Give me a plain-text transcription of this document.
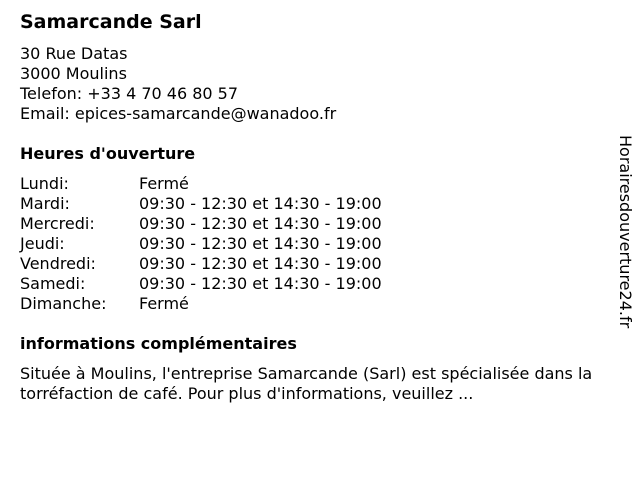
Samarcande Sarl
30 Rue Datas
3000 Moulins
Telefon: +33 4 70 46 80 57
Email: epices-samarcande@wanadoo.fr
Heures d'ouverture
Lundi:	Fermé
Mardi:	09:30 - 12:30 et 14:30 - 19:00
Mercredi:	09:30 - 12:30 et 14:30 - 19:00
Jeudi:	09:30 - 12:30 et 14:30 - 19:00
Vendredi:	09:30 - 12:30 et 14:30 - 19:00
Samedi:	09:30 - 12:30 et 14:30 - 19:00
Dimanche:	Fermé
informations complémentaires

Située à Moulins, l'entreprise Samarcande (Sarl) est spécialisée dans la torréfaction de café. Pour plus d'informations, veuillez ...

Horairesdouverture24.fr
